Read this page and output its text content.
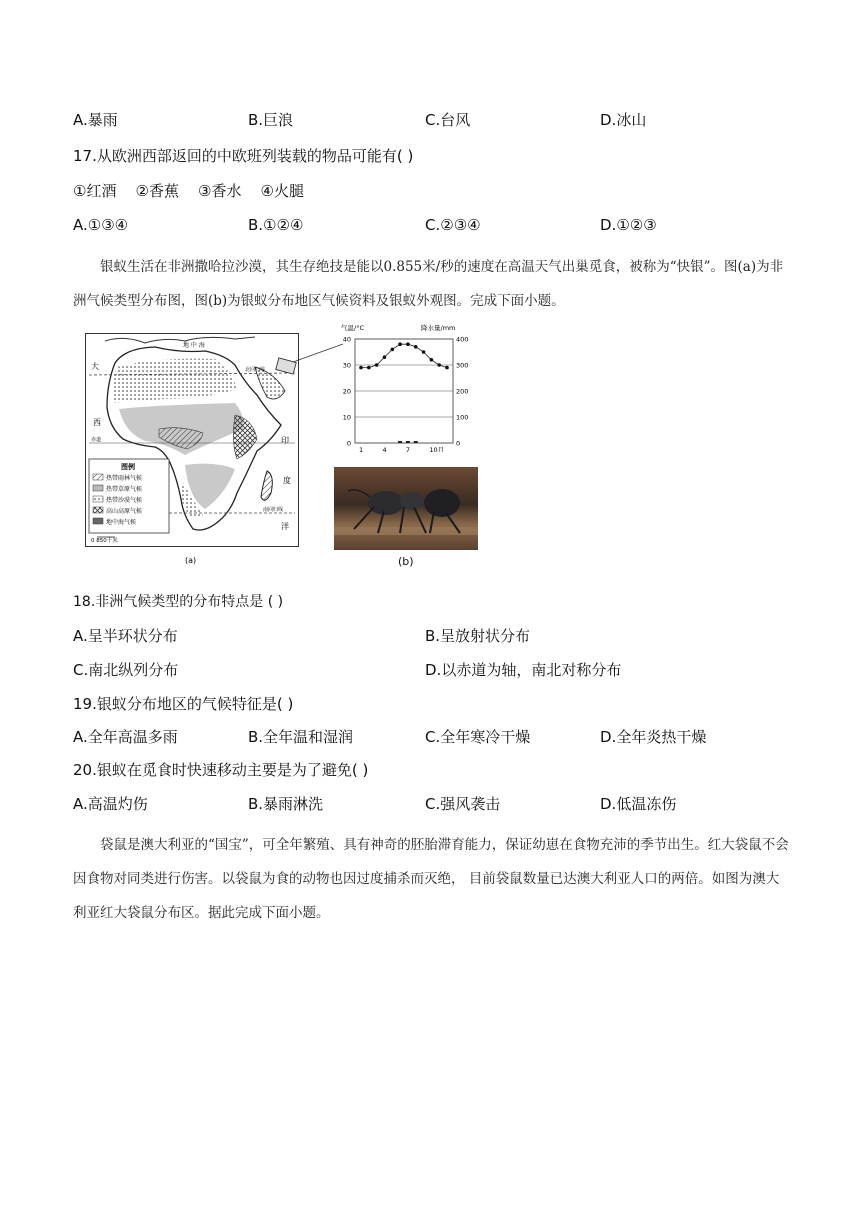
A.暴雨	B.巨浪	C.台风	D.冰山
17.从欧洲西部返回的中欧班列装载的物品可能有( )
①红酒    ②香蕉    ③香水    ④火腿
A.①③④	B.①②④	C.②③④	D.①②③
银蚁生活在非洲撒哈拉沙漠，其生存绝技是能以0.855米/秒的速度在高温天气出巢觅食，被称为“快银”。图(a)为非洲气候类型分布图，图(b)为银蚁分布地区气候资料及银蚁外观图。完成下面小题。
大
西
印
度
洋
地 中 海
北回归线
南回归线
赤道
图例
热带雨林气候
热带草原气候
热带沙漠气候
高山高原气候
地中海气候
0 850千米
(a)
气温/°C	降水量/mm
0	0
10	100
20	200
30	300
40	400
1	4	7	10月
(b)
18.非洲气候类型的分布特点是 ( )
A.呈半环状分布	B.呈放射状分布
C.南北纵列分布	D.以赤道为轴，南北对称分布
19.银蚁分布地区的气候特征是( )
A.全年高温多雨	B.全年温和湿润	C.全年寒冷干燥	D.全年炎热干燥
20.银蚁在觅食时快速移动主要是为了避免( )
A.高温灼伤	B.暴雨淋洗	C.强风袭击	D.低温冻伤
袋鼠是澳大利亚的“国宝”，可全年繁殖、具有神奇的胚胎滞育能力，保证幼崽在食物充沛的季节出生。红大袋鼠不会因食物对同类进行伤害。以袋鼠为食的动物也因过度捕杀而灭绝， 目前袋鼠数量已达澳大利亚人口的两倍。如图为澳大利亚红大袋鼠分布区。据此完成下面小题。
